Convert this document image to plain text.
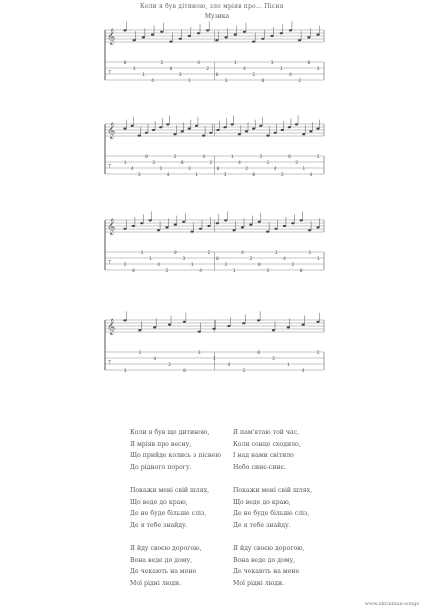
Коли я був дітиною, зло мріяв про... Пісня
Музика
𝄞
T
0
3
1
4
2
0
3
1
4
2
0
3
1
4
2
0
3
1
4
2
0
3
𝄞
T
1
4
2
0
3
1
4
2
0
3
1
4
2
0
3
1
4
2
0
3
1
4
2
0
3
1
4
2
𝄞
T	2
0
3
1
4
2
0
3
1
4
2
0
3
1
4
2
0
3
1
4
2
0
3
1
𝄞
T
3
1
4
2
0
3
1
4
2
0
3
1
4
2
Коли я був ще дитиною,
Я мріяв про весну,
Що прийде колись з піснею
До рідного порогу.
Покажи мені свій шлях,
Що веде до краю,
Де не буде більше сліз,
Де я тебе знайду.
Я йду своєю дорогою,
Вона веде до дому,
Де чекають на мене
Мої рідні люди.
Я пам'ятаю той час,
Коли сонце сходило,
І над нами світило
Небо синє-синє.
Покажи мені свій шлях,
Що веде до краю,
Де не буде більше сліз,
Де я тебе знайду.
Я йду своєю дорогою,
Вона веде до дому,
Де чекають на мене
Мої рідні люди.
www.ukrainian-songs
